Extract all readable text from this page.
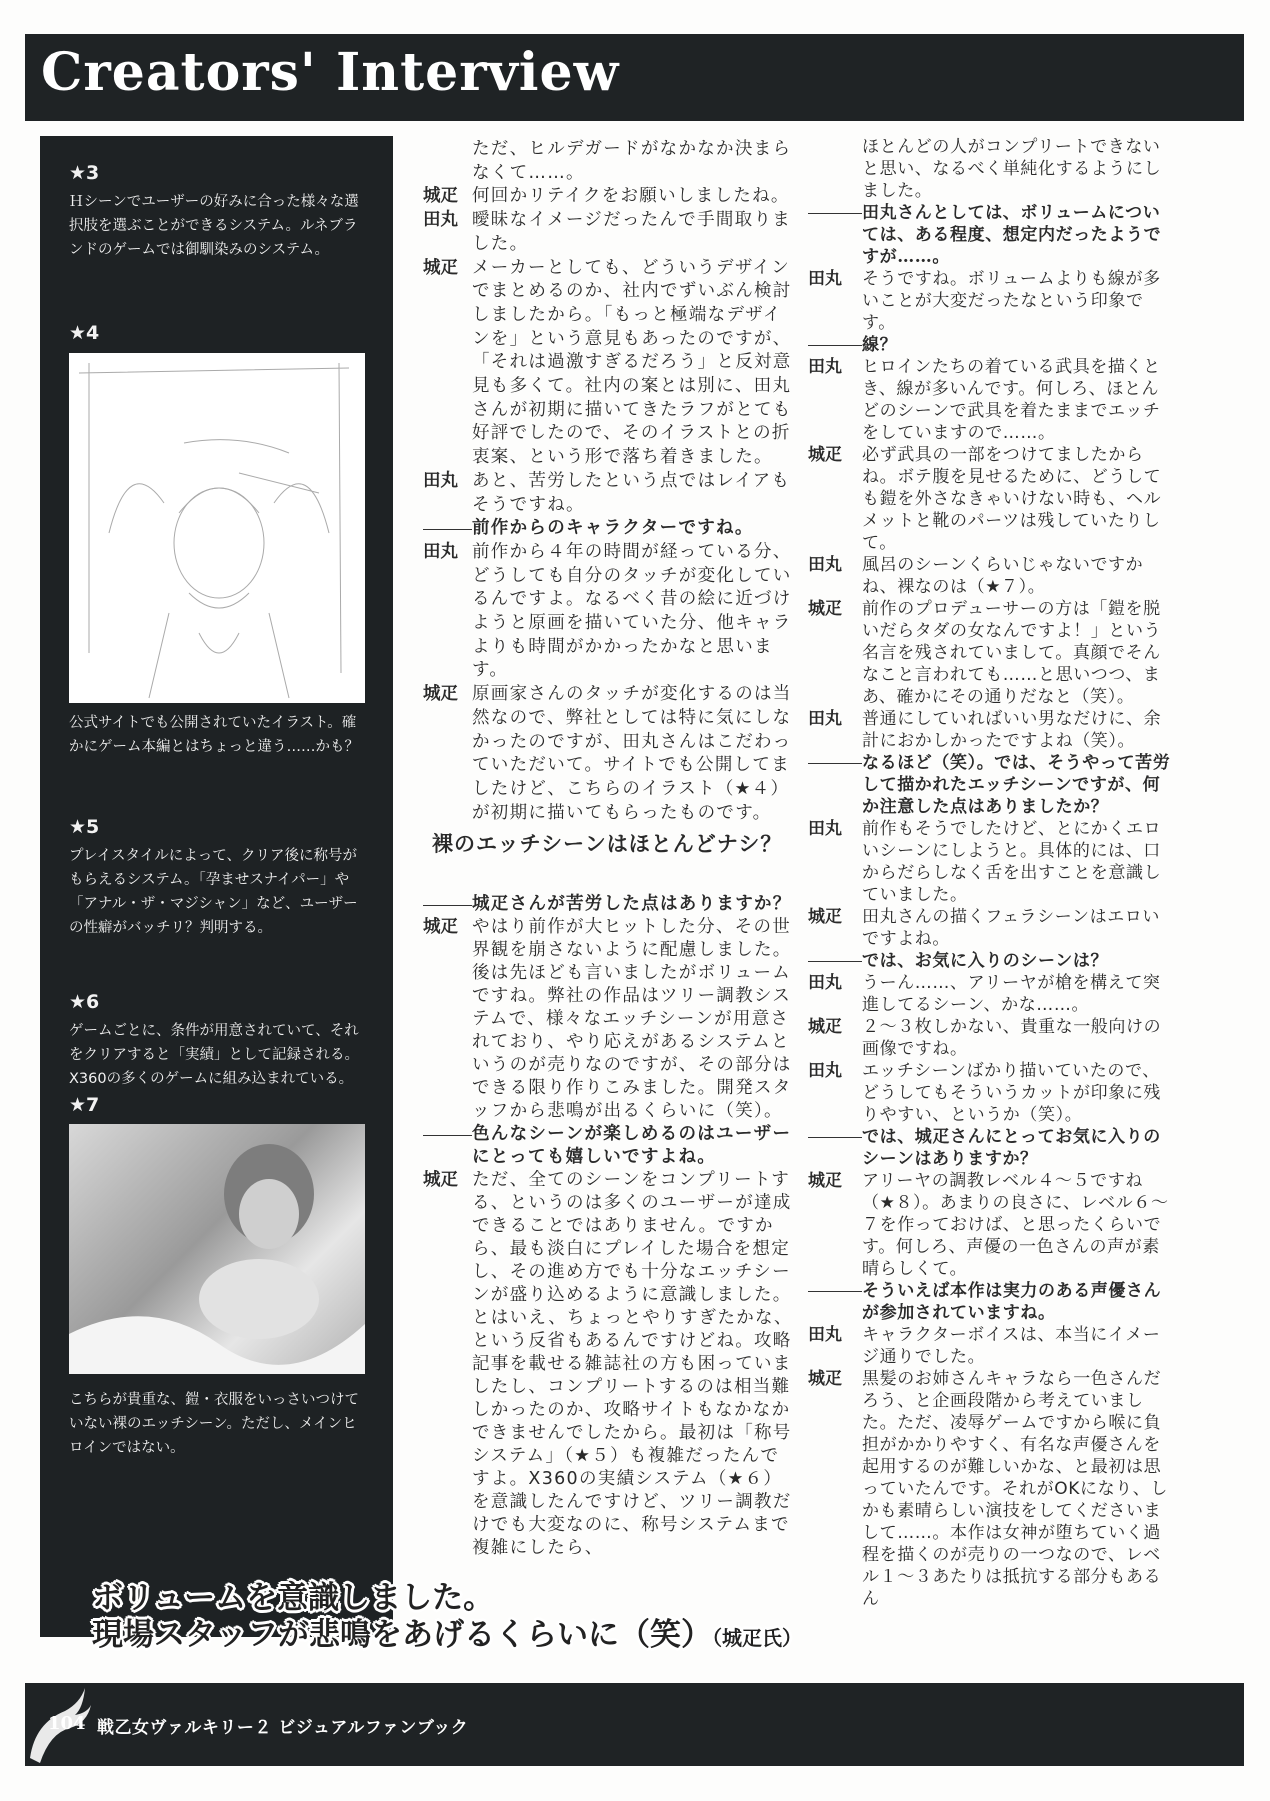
Creators' Interview
★3
Ｈシーンでユーザーの好みに合った様々な選択肢を選ぶことができるシステム。ルネブランドのゲームでは御馴染みのシステム。
★4
公式サイトでも公開されていたイラスト。確かにゲーム本編とはちょっと違う……かも？
★5
プレイスタイルによって、クリア後に称号がもらえるシステム。「孕ませスナイパー」や「アナル・ザ・マジシャン」など、ユーザーの性癖がバッチリ？判明する。
★6
ゲームごとに、条件が用意されていて、それをクリアすると「実績」として記録される。X360の多くのゲームに組み込まれている。
★7
こちらが貴重な、鎧・衣服をいっさいつけていない裸のエッチシーン。ただし、メインヒロインではない。
ただ、ヒルデガードがなかなか決まらなくて……。
城疋 何回かリテイクをお願いしましたね。
田丸 曖昧なイメージだったんで手間取りました。
城疋 メーカーとしても、どういうデザインでまとめるのか、社内でずいぶん検討しましたから。「もっと極端なデザインを」という意見もあったのですが、「それは過激すぎるだろう」と反対意見も多くて。社内の案とは別に、田丸さんが初期に描いてきたラフがとても好評でしたので、そのイラストとの折衷案、という形で落ち着きました。
田丸 あと、苦労したという点ではレイアもそうですね。
前作からのキャラクターですね。
田丸 前作から４年の時間が経っている分、どうしても自分のタッチが変化しているんですよ。なるべく昔の絵に近づけようと原画を描いていた分、他キャラよりも時間がかかったかなと思います。
城疋 原画家さんのタッチが変化するのは当然なので、弊社としては特に気にしなかったのですが、田丸さんはこだわっていただいて。サイトでも公開してましたけど、こちらのイラスト（★４）が初期に描いてもらったものです。
裸のエッチシーンはほとんどナシ？
城疋さんが苦労した点はありますか？
城疋 やはり前作が大ヒットした分、その世界観を崩さないように配慮しました。後は先ほども言いましたがボリュームですね。弊社の作品はツリー調教システムで、様々なエッチシーンが用意されており、やり応えがあるシステムというのが売りなのですが、その部分はできる限り作りこみました。開発スタッフから悲鳴が出るくらいに（笑）。
色んなシーンが楽しめるのはユーザーにとっても嬉しいですよね。
城疋 ただ、全てのシーンをコンプリートする、というのは多くのユーザーが達成できることではありません。ですから、最も淡白にプレイした場合を想定し、その進め方でも十分なエッチシーンが盛り込めるように意識しました。とはいえ、ちょっとやりすぎたかな、という反省もあるんですけどね。攻略記事を載せる雑誌社の方も困っていましたし、コンプリートするのは相当難しかったのか、攻略サイトもなかなかできませんでしたから。最初は「称号システム」（★５）も複雑だったんですよ。X360の実績システム（★６）を意識したんですけど、ツリー調教だけでも大変なのに、称号システムまで複雑にしたら、
ほとんどの人がコンプリートできないと思い、なるべく単純化するようにしました。
田丸さんとしては、ボリュームについては、ある程度、想定内だったようですが……。
田丸	そうですね。ボリュームよりも線が多いことが大変だったなという印象です。
線？
田丸	ヒロインたちの着ている武具を描くとき、線が多いんです。何しろ、ほとんどのシーンで武具を着たままでエッチをしていますので……。
城疋	必ず武具の一部をつけてましたからね。ボテ腹を見せるために、どうしても鎧を外さなきゃいけない時も、ヘルメットと靴のパーツは残していたりして。
田丸	風呂のシーンくらいじゃないですかね、裸なのは（★７）。
城疋	前作のプロデューサーの方は「鎧を脱いだらタダの女なんですよ！」という名言を残されていまして。真顔でそんなこと言われても……と思いつつ、まあ、確かにその通りだなと（笑）。
田丸	普通にしていればいい男なだけに、余計におかしかったですよね（笑）。
なるほど（笑）。では、そうやって苦労して描かれたエッチシーンですが、何か注意した点はありましたか？
田丸	前作もそうでしたけど、とにかくエロいシーンにしようと。具体的には、口からだらしなく舌を出すことを意識していました。
城疋	田丸さんの描くフェラシーンはエロいですよね。
では、お気に入りのシーンは？
田丸	うーん……、アリーヤが槍を構えて突進してるシーン、かな……。
城疋	２～３枚しかない、貴重な一般向けの画像ですね。
田丸	エッチシーンばかり描いていたので、どうしてもそういうカットが印象に残りやすい、というか（笑）。
では、城疋さんにとってお気に入りのシーンはありますか？
城疋	アリーヤの調教レベル４～５ですね（★８）。あまりの良さに、レベル６～７を作っておけば、と思ったくらいです。何しろ、声優の一色さんの声が素晴らしくて。
そういえば本作は実力のある声優さんが参加されていますね。
田丸	キャラクターボイスは、本当にイメージ通りでした。
城疋	黒髪のお姉さんキャラなら一色さんだろう、と企画段階から考えていました。ただ、凌辱ゲームですから喉に負担がかかりやすく、有名な声優さんを起用するのが難しいかな、と最初は思っていたんです。それがOKになり、しかも素晴らしい演技をしてくださいまして……。本作は女神が堕ちていく過程を描くのが売りの一つなので、レベル１～３あたりは抵抗する部分もあるん
ボリュームを意識しました。
現場スタッフが悲鳴をあげるくらいに（笑）（城疋氏）
104 戦乙女ヴァルキリー２ ビジュアルファンブック
